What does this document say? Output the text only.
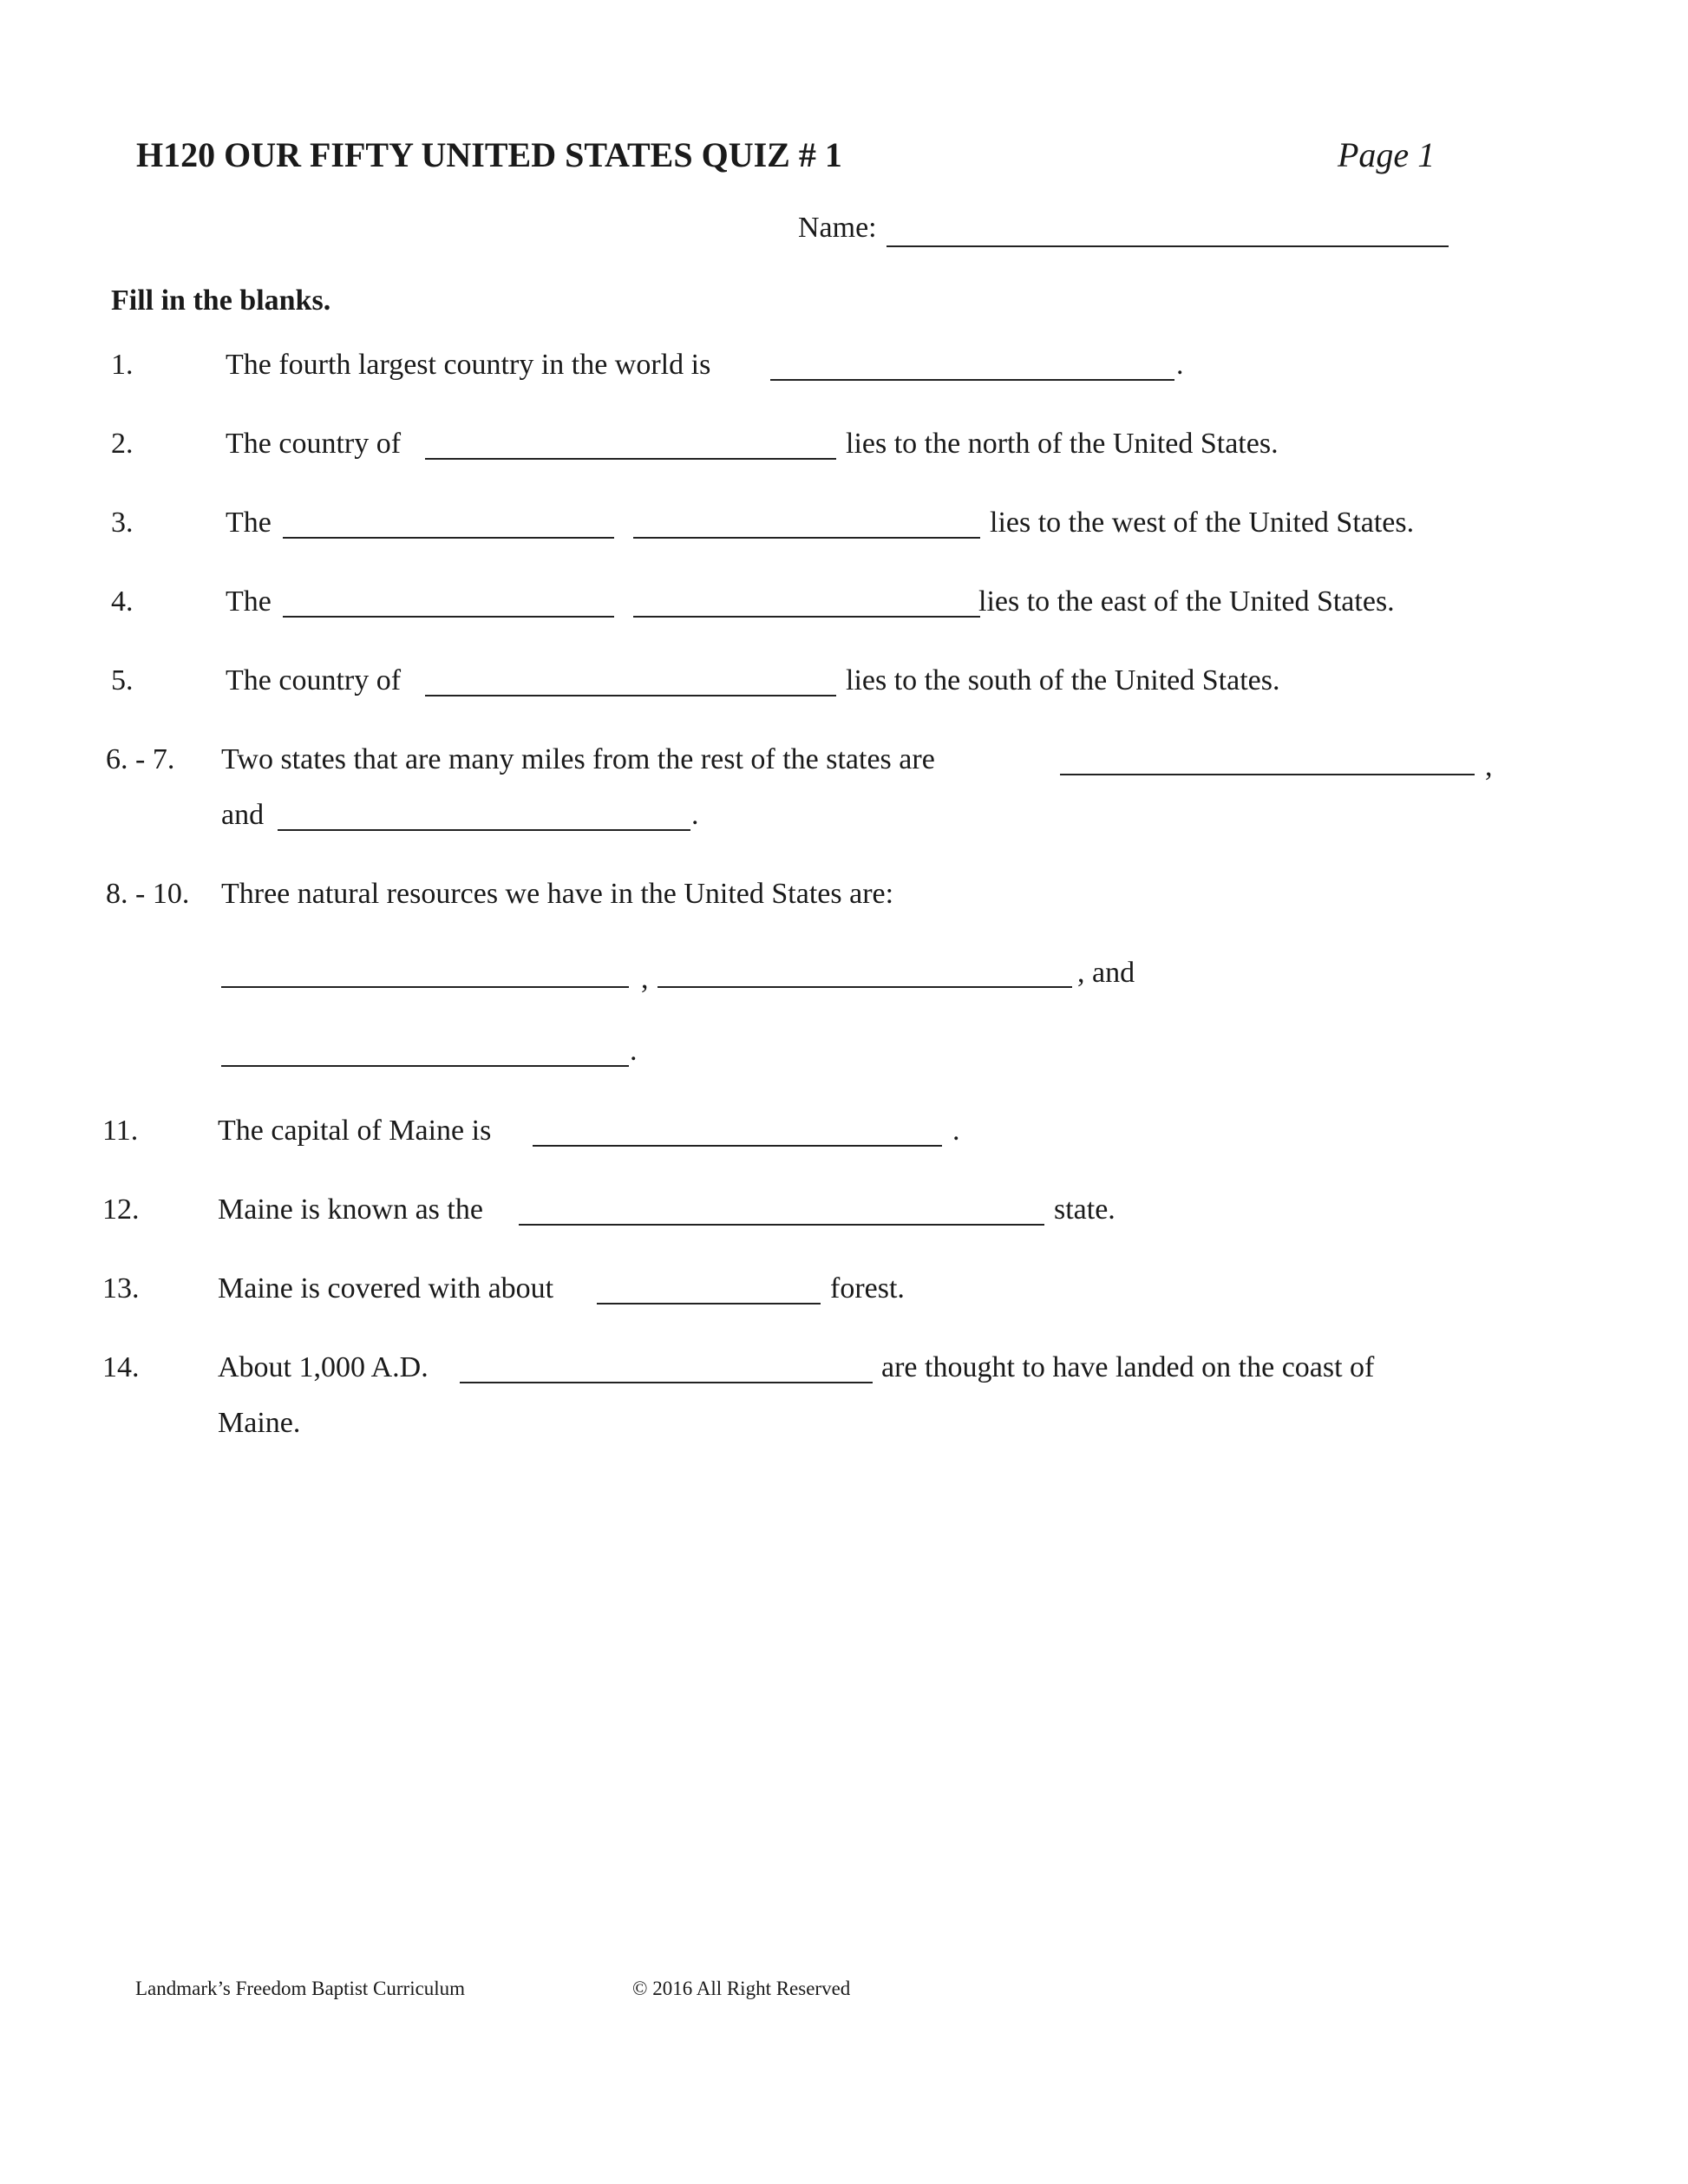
H120 OUR FIFTY UNITED STATES QUIZ # 1	Page 1
Name:
Fill in the blanks.
1.	The fourth largest country in the world is	.
2.	The country of	lies to the north of the United States.
3.	The	lies to the west of the United States.
4.	The	lies to the east of the United States.
5.	The country of	lies to the south of the United States.
6. - 7. Two states that are many miles from the rest of the states are	,
and	.
8. - 10. Three natural resources we have in the United States are:
,	, and
.
11.	The capital of Maine is	.
12.	Maine is known as the	state.
13.	Maine is covered with about	forest.
14.	About 1,000 A.D.	are thought to have landed on the coast of
Maine.
Landmark’s Freedom Baptist Curriculum	© 2016 All Right Reserved
